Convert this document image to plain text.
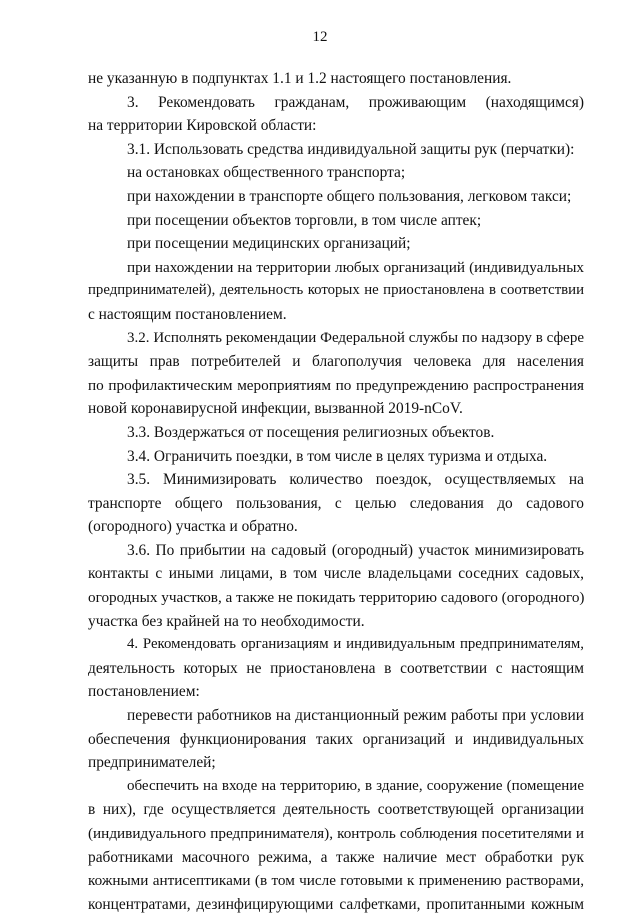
12
не указанную в подпунктах 1.1 и 1.2 настоящего постановления.
3. Рекомендовать гражданам, проживающим (находящимся)
на территории Кировской области:
3.1. Использовать средства индивидуальной защиты рук (перчатки):
на остановках общественного транспорта;
при нахождении в транспорте общего пользования, легковом такси;
при посещении объектов торговли, в том числе аптек;
при посещении медицинских организаций;
при нахождении на территории любых организаций (индивидуальных
предпринимателей), деятельность которых не приостановлена в соответствии
с настоящим постановлением.
3.2. Исполнять рекомендации Федеральной службы по надзору в сфере
защиты прав потребителей и благополучия человека для населения
по профилактическим мероприятиям по предупреждению распространения
новой коронавирусной инфекции, вызванной 2019-nCoV.
3.3. Воздержаться от посещения религиозных объектов.
3.4. Ограничить поездки, в том числе в целях туризма и отдыха.
3.5. Минимизировать количество поездок, осуществляемых на
транспорте общего пользования, с целью следования до садового
(огородного) участка и обратно.
3.6. По прибытии на садовый (огородный) участок минимизировать
контакты с иными лицами, в том числе владельцами соседних садовых,
огородных участков, а также не покидать территорию садового (огородного)
участка без крайней на то необходимости.
4. Рекомендовать организациям и индивидуальным предпринимателям,
деятельность которых не приостановлена в соответствии с настоящим
постановлением:
перевести работников на дистанционный режим работы при условии
обеспечения функционирования таких организаций и индивидуальных
предпринимателей;
обеспечить на входе на территорию, в здание, сооружение (помещение
в них), где осуществляется деятельность соответствующей организации
(индивидуального предпринимателя), контроль соблюдения посетителями и
работниками масочного режима, а также наличие мест обработки рук
кожными антисептиками (в том числе готовыми к применению растворами,
концентратами, дезинфицирующими салфетками, пропитанными кожным
